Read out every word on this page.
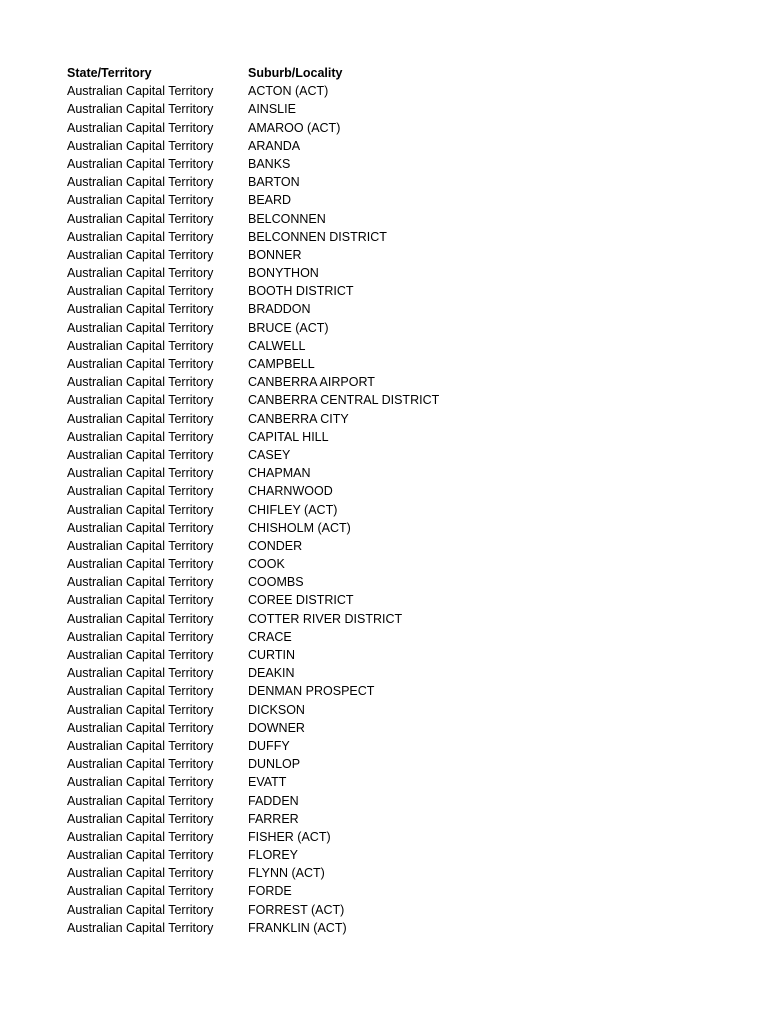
State/Territory	Suburb/Locality
Australian Capital Territory	ACTON (ACT)
Australian Capital Territory	AINSLIE
Australian Capital Territory	AMAROO (ACT)
Australian Capital Territory	ARANDA
Australian Capital Territory	BANKS
Australian Capital Territory	BARTON
Australian Capital Territory	BEARD
Australian Capital Territory	BELCONNEN
Australian Capital Territory	BELCONNEN DISTRICT
Australian Capital Territory	BONNER
Australian Capital Territory	BONYTHON
Australian Capital Territory	BOOTH DISTRICT
Australian Capital Territory	BRADDON
Australian Capital Territory	BRUCE (ACT)
Australian Capital Territory	CALWELL
Australian Capital Territory	CAMPBELL
Australian Capital Territory	CANBERRA AIRPORT
Australian Capital Territory	CANBERRA CENTRAL DISTRICT
Australian Capital Territory	CANBERRA CITY
Australian Capital Territory	CAPITAL HILL
Australian Capital Territory	CASEY
Australian Capital Territory	CHAPMAN
Australian Capital Territory	CHARNWOOD
Australian Capital Territory	CHIFLEY (ACT)
Australian Capital Territory	CHISHOLM (ACT)
Australian Capital Territory	CONDER
Australian Capital Territory	COOK
Australian Capital Territory	COOMBS
Australian Capital Territory	COREE DISTRICT
Australian Capital Territory	COTTER RIVER DISTRICT
Australian Capital Territory	CRACE
Australian Capital Territory	CURTIN
Australian Capital Territory	DEAKIN
Australian Capital Territory	DENMAN PROSPECT
Australian Capital Territory	DICKSON
Australian Capital Territory	DOWNER
Australian Capital Territory	DUFFY
Australian Capital Territory	DUNLOP
Australian Capital Territory	EVATT
Australian Capital Territory	FADDEN
Australian Capital Territory	FARRER
Australian Capital Territory	FISHER (ACT)
Australian Capital Territory	FLOREY
Australian Capital Territory	FLYNN (ACT)
Australian Capital Territory	FORDE
Australian Capital Territory	FORREST (ACT)
Australian Capital Territory	FRANKLIN (ACT)
